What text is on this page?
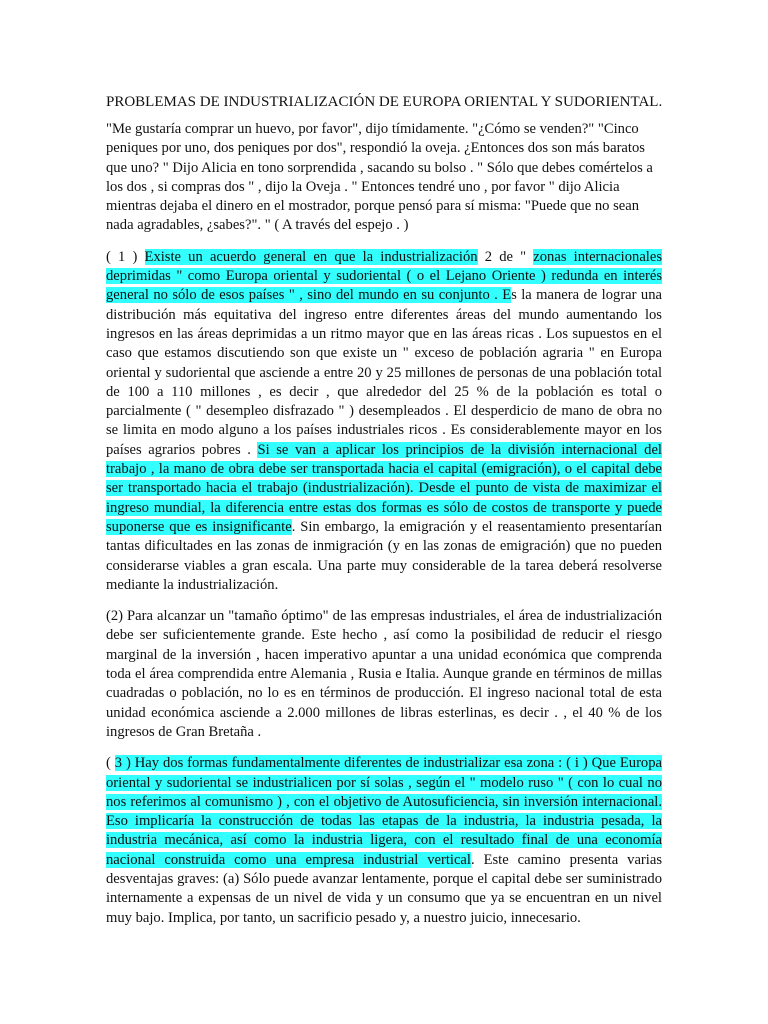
PROBLEMAS DE INDUSTRIALIZACIÓN DE EUROPA ORIENTAL Y SUDORIENTAL.

"Me gustaría comprar un huevo, por favor", dijo tímidamente. "¿Cómo se venden?" "Cinco peniques por uno, dos peniques por dos", respondió la oveja. ¿Entonces dos son más baratos que uno? " Dijo Alicia en tono sorprendida , sacando su bolso . " Sólo que debes comértelos a los dos , si compras dos " , dijo la Oveja . " Entonces tendré uno , por favor " dijo Alicia mientras dejaba el dinero en el mostrador, porque pensó para sí misma: "Puede que no sean nada agradables, ¿sabes?". " ( A través del espejo . )

( 1 ) Existe un acuerdo general en que la industrialización 2 de " zonas internacionales deprimidas " como Europa oriental y sudoriental ( o el Lejano Oriente ) redunda en interés general no sólo de esos países " , sino del mundo en su conjunto . Es la manera de lograr una distribución más equitativa del ingreso entre diferentes áreas del mundo aumentando los ingresos en las áreas deprimidas a un ritmo mayor que en las áreas ricas . Los supuestos en el caso que estamos discutiendo son que existe un " exceso de población agraria " en Europa oriental y sudoriental que asciende a entre 20 y 25 millones de personas de una población total de 100 a 110 millones , es decir , que alrededor del 25 % de la población es total o parcialmente ( " desempleo disfrazado " ) desempleados . El desperdicio de mano de obra no se limita en modo alguno a los países industriales ricos . Es considerablemente mayor en los países agrarios pobres . Si se van a aplicar los principios de la división internacional del trabajo , la mano de obra debe ser transportada hacia el capital (emigración), o el capital debe ser transportado hacia el trabajo (industrialización). Desde el punto de vista de maximizar el ingreso mundial, la diferencia entre estas dos formas es sólo de costos de transporte y puede suponerse que es insignificante. Sin embargo, la emigración y el reasentamiento presentarían tantas dificultades en las zonas de inmigración (y en las zonas de emigración) que no pueden considerarse viables a gran escala. Una parte muy considerable de la tarea deberá resolverse mediante la industrialización.

(2) Para alcanzar un "tamaño óptimo" de las empresas industriales, el área de industrialización debe ser suficientemente grande. Este hecho , así como la posibilidad de reducir el riesgo marginal de la inversión , hacen imperativo apuntar a una unidad económica que comprenda toda el área comprendida entre Alemania , Rusia e Italia. Aunque grande en términos de millas cuadradas o población, no lo es en términos de producción. El ingreso nacional total de esta unidad económica asciende a 2.000 millones de libras esterlinas, es decir . , el 40 % de los ingresos de Gran Bretaña .

( 3 ) Hay dos formas fundamentalmente diferentes de industrializar esa zona : ( i ) Que Europa oriental y sudoriental se industrialicen por sí solas , según el " modelo ruso " ( con lo cual no nos referimos al comunismo ) , con el objetivo de Autosuficiencia, sin inversión internacional. Eso implicaría la construcción de todas las etapas de la industria, la industria pesada, la industria mecánica, así como la industria ligera, con el resultado final de una economía nacional construida como una empresa industrial vertical. Este camino presenta varias desventajas graves: (a) Sólo puede avanzar lentamente, porque el capital debe ser suministrado internamente a expensas de un nivel de vida y un consumo que ya se encuentran en un nivel muy bajo. Implica, por tanto, un sacrificio pesado y, a nuestro juicio, innecesario.
